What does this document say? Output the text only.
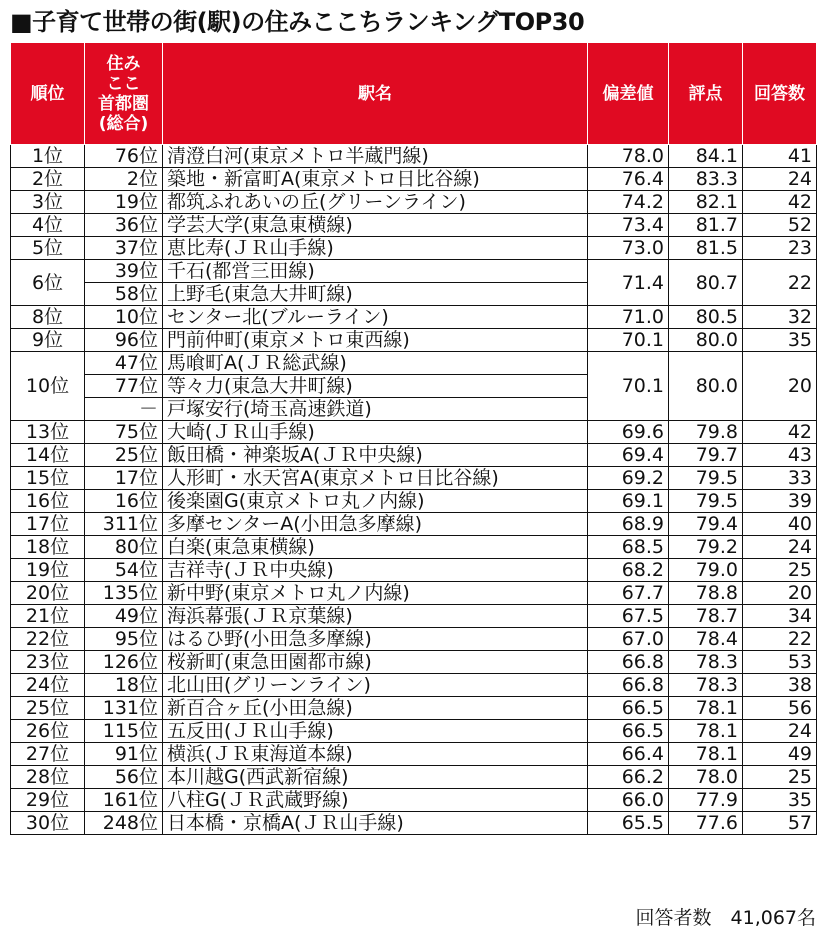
■子育て世帯の街(駅)の住みここちランキングTOP30
順位	住み
ここ
首都圏
(総合)	駅名	偏差値	評点	回答数
1位	76位	清澄白河(東京メトロ半蔵門線)	78.0	84.1	41
2位	2位	築地・新富町A(東京メトロ日比谷線)	76.4	83.3	24
3位	19位	都筑ふれあいの丘(グリーンライン)	74.2	82.1	42
4位	36位	学芸大学(東急東横線)	73.4	81.7	52
5位	37位	恵比寿(ＪＲ山手線)	73.0	81.5	23
6位	39位	千石(都営三田線)	71.4	80.7	22
	58位	上野毛(東急大井町線)			
8位	10位	センター北(ブルーライン)	71.0	80.5	32
9位	96位	門前仲町(東京メトロ東西線)	70.1	80.0	35
10位	47位	馬喰町A(ＪＲ総武線)	70.1	80.0	20
	77位	等々力(東急大井町線)			
	－	戸塚安行(埼玉高速鉄道)			
13位	75位	大崎(ＪＲ山手線)	69.6	79.8	42
14位	25位	飯田橋・神楽坂A(ＪＲ中央線)	69.4	79.7	43
15位	17位	人形町・水天宮A(東京メトロ日比谷線)	69.2	79.5	33
16位	16位	後楽園G(東京メトロ丸ノ内線)	69.1	79.5	39
17位	311位	多摩センターA(小田急多摩線)	68.9	79.4	40
18位	80位	白楽(東急東横線)	68.5	79.2	24
19位	54位	吉祥寺(ＪＲ中央線)	68.2	79.0	25
20位	135位	新中野(東京メトロ丸ノ内線)	67.7	78.8	20
21位	49位	海浜幕張(ＪＲ京葉線)	67.5	78.7	34
22位	95位	はるひ野(小田急多摩線)	67.0	78.4	22
23位	126位	桜新町(東急田園都市線)	66.8	78.3	53
24位	18位	北山田(グリーンライン)	66.8	78.3	38
25位	131位	新百合ヶ丘(小田急線)	66.5	78.1	56
26位	115位	五反田(ＪＲ山手線)	66.5	78.1	24
27位	91位	横浜(ＪＲ東海道本線)	66.4	78.1	49
28位	56位	本川越G(西武新宿線)	66.2	78.0	25
29位	161位	八柱G(ＪＲ武蔵野線)	66.0	77.9	35
30位	248位	日本橋・京橋A(ＪＲ山手線)	65.5	77.6	57
回答者数　41,067名
